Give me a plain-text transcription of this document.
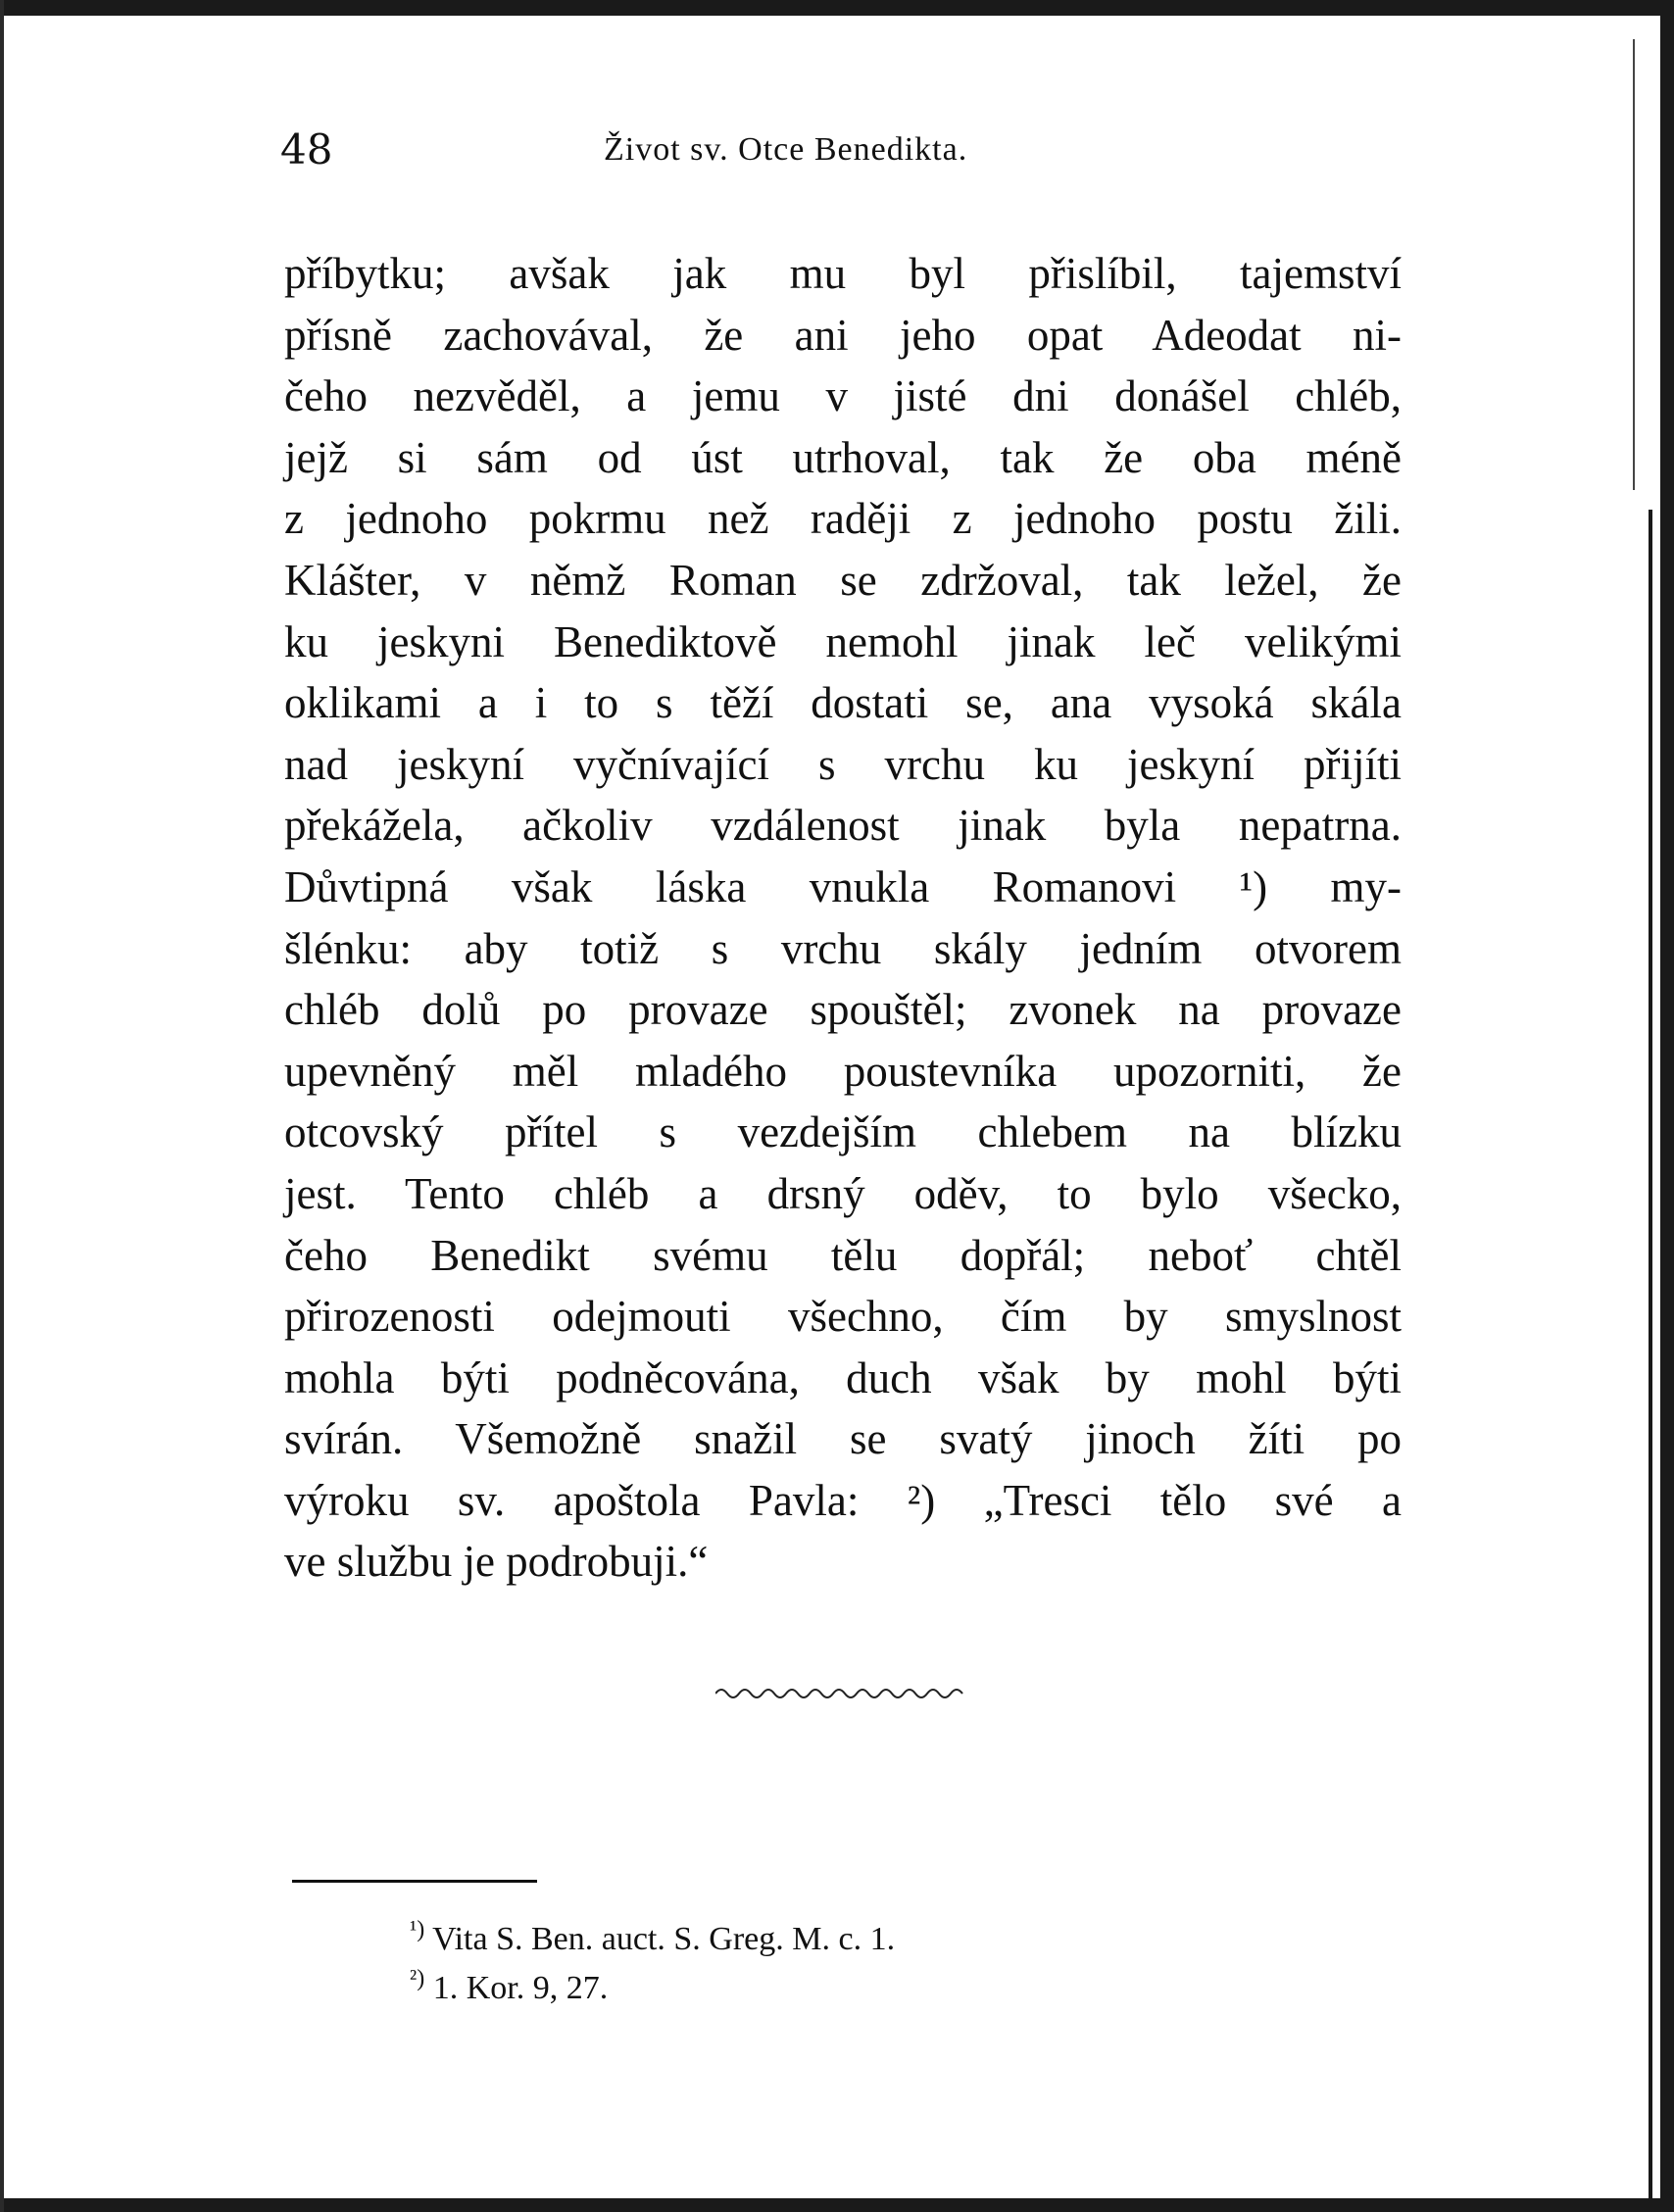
48	Život sv. Otce Benedikta.
příbytku; avšak jak mu byl přislíbil, tajemství
přísně zachovával, že ani jeho opat Adeodat ni-
čeho nezvěděl, a jemu v jisté dni donášel chléb,
jejž si sám od úst utrhoval, tak že oba méně
z jednoho pokrmu než raději z jednoho postu žili.
Klášter, v němž Roman se zdržoval, tak ležel, že
ku jeskyni Benediktově nemohl jinak leč velikými
oklikami a i to s těží dostati se, ana vysoká skála
nad jeskyní vyčnívající s vrchu ku jeskyní přijíti
překážela, ačkoliv vzdálenost jinak byla nepatrna.
Důvtipná však láska vnukla Romanovi ¹) my-
šlénku: aby totiž s vrchu skály jedním otvorem
chléb dolů po provaze spouštěl; zvonek na provaze
upevněný měl mladého poustevníka upozorniti, že
otcovský přítel s vezdejším chlebem na blízku
jest. Tento chléb a drsný oděv, to bylo všecko,
čeho Benedikt svému tělu dopřál; neboť chtěl
přirozenosti odejmouti všechno, čím by smyslnost
mohla býti podněcována, duch však by mohl býti
svírán. Všemožně snažil se svatý jinoch žíti po
výroku sv. apoštola Pavla: ²) „Tresci tělo své a
ve službu je podrobuji.“
$^{^1)}$ Vita S. Ben. auct. S. Greg. M. c. 1.
$^{^2)}$ 1. Kor. 9, 27.
